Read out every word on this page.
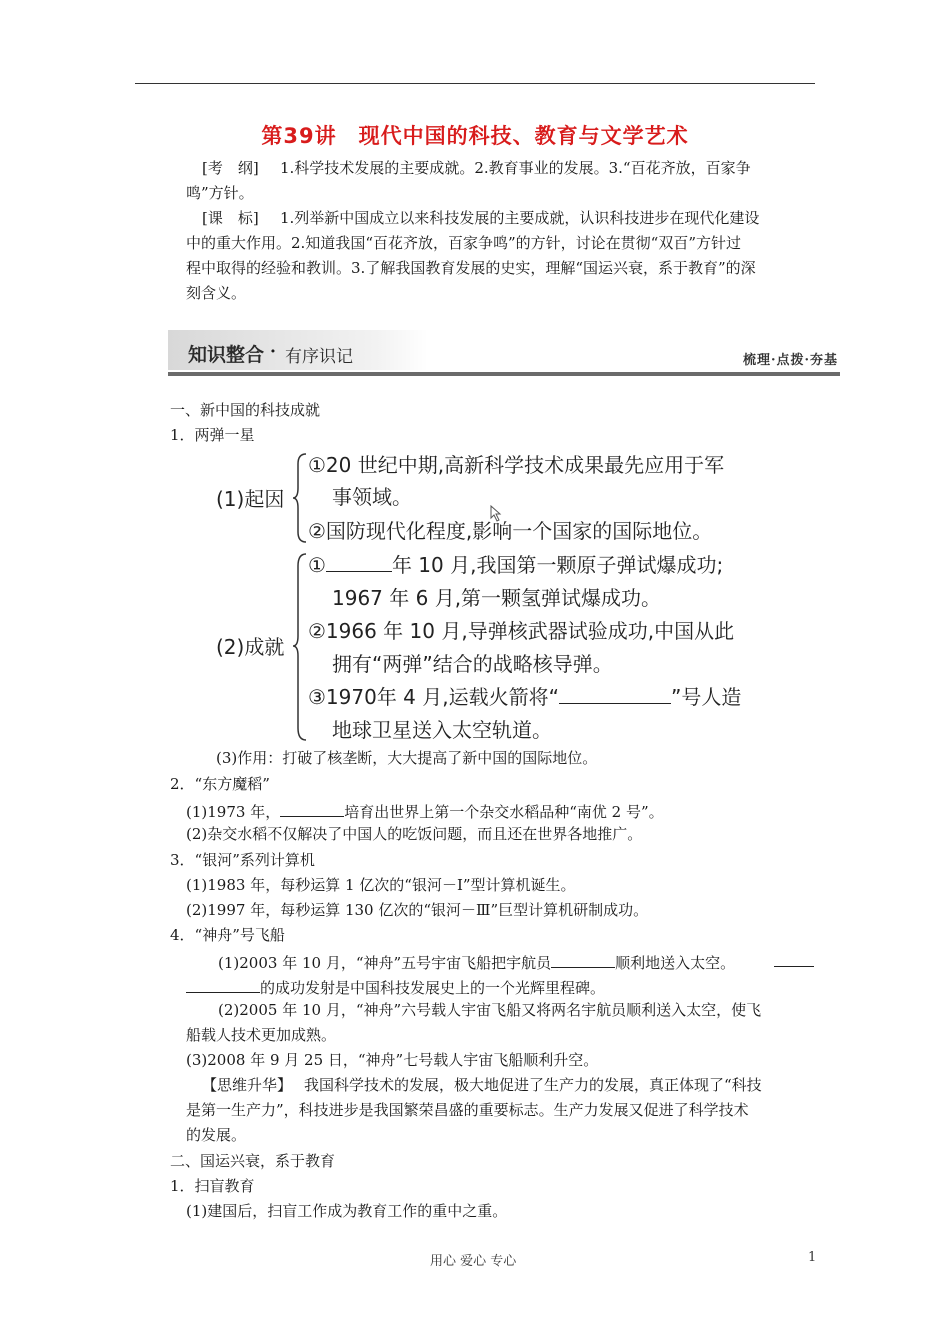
第39讲　现代中国的科技、教育与文学艺术
[考　纲] 1.科学技术发展的主要成就。2.教育事业的发展。3.“百花齐放，百家争
鸣”方针。
[课　标] 1.列举新中国成立以来科技发展的主要成就，认识科技进步在现代化建设
中的重大作用。2.知道我国“百花齐放，百家争鸣”的方针，讨论在贯彻“双百”方针过
程中取得的经验和教训。3.了解我国教育发展的史实，理解“国运兴衰，系于教育”的深
刻含义。
知识整合 · 有序识记	梳理·点拨·夯基
一、新中国的科技成就
1．两弹一星
(1)起因
①20 世纪中期,高新科学技术成果最先应用于军
事领域。
②国防现代化程度,影响一个国家的国际地位。
(2)成就
①	年 10 月,我国第一颗原子弹试爆成功;
1967 年 6 月,第一颗氢弹试爆成功。
②1966 年 10 月,导弹核武器试验成功,中国从此
拥有“两弹”结合的战略核导弹。
③1970年 4 月,运载火箭将“	”号人造
地球卫星送入太空轨道。
(3)作用：打破了核垄断，大大提高了新中国的国际地位。
2．“东方魔稻”
(1)1973 年，	培育出世界上第一个杂交水稻品种“南优 2 号”。
(2)杂交水稻不仅解决了中国人的吃饭问题，而且还在世界各地推广。
3．“银河”系列计算机
(1)1983 年，每秒运算 1 亿次的“银河－Ⅰ”型计算机诞生。
(2)1997 年，每秒运算 130 亿次的“银河－Ⅲ”巨型计算机研制成功。
4．“神舟”号飞船
(1)2003 年 10 月，“神舟”五号宇宙飞船把宇航员	顺利地送入太空。
的成功发射是中国科技发展史上的一个光辉里程碑。
(2)2005 年 10 月，“神舟”六号载人宇宙飞船又将两名宇航员顺利送入太空，使飞
船载人技术更加成熟。
(3)2008 年 9 月 25 日，“神舟”七号载人宇宙飞船顺利升空。
【思维升华】 我国科学技术的发展，极大地促进了生产力的发展，真正体现了“科技
是第一生产力”，科技进步是我国繁荣昌盛的重要标志。生产力发展又促进了科学技术
的发展。
二、国运兴衰，系于教育
1．扫盲教育
(1)建国后，扫盲工作成为教育工作的重中之重。
用心 爱心 专心	1
